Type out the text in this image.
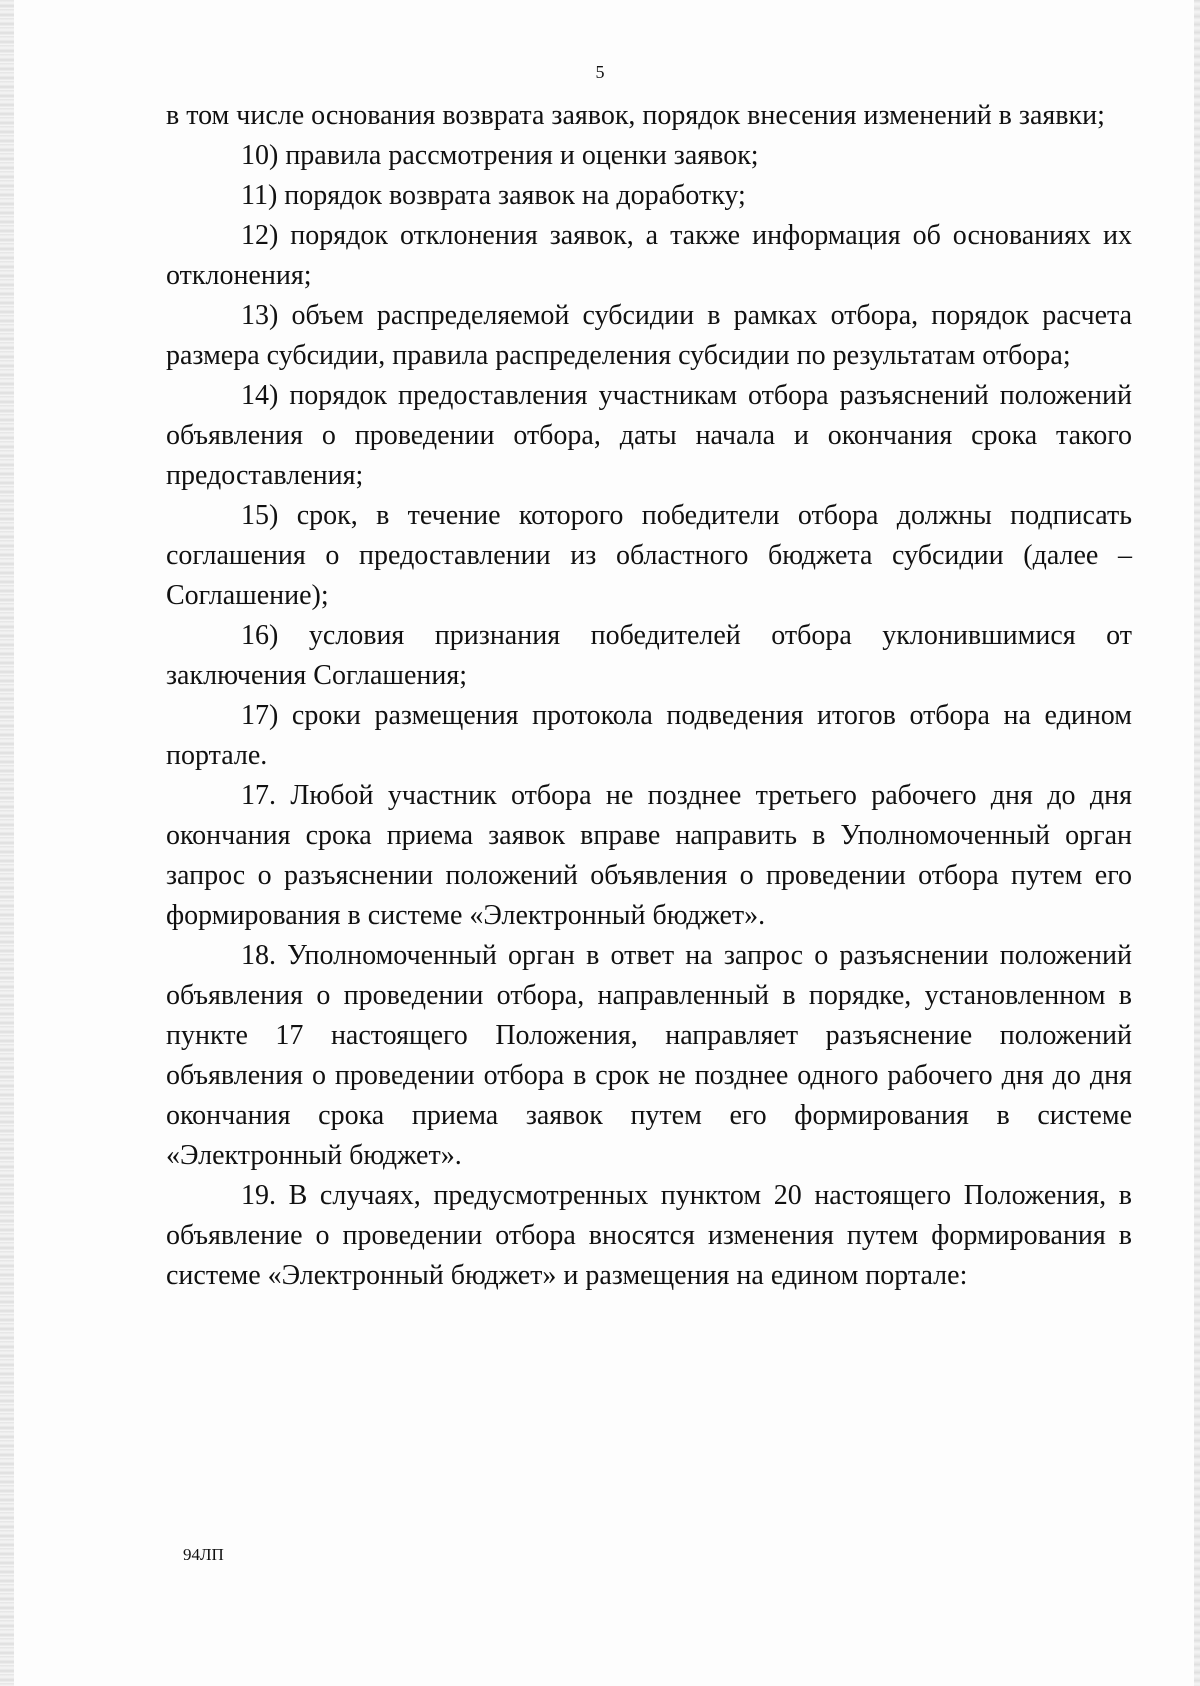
5

в том числе основания возврата заявок, порядок внесения изменений в заявки;

10) правила рассмотрения и оценки заявок;

11) порядок возврата заявок на доработку;

12) порядок отклонения заявок, а также информация об основаниях их отклонения;

13) объем распределяемой субсидии в рамках отбора, порядок расчета размера субсидии, правила распределения субсидии по результатам отбора;

14) порядок предоставления участникам отбора разъяснений положений объявления о проведении отбора, даты начала и окончания срока такого предоставления;

15) срок, в течение которого победители отбора должны подписать соглашения о предоставлении из областного бюджета субсидии (далее – Соглашение);

16) условия признания победителей отбора уклонившимися от заключения Соглашения;

17) сроки размещения протокола подведения итогов отбора на едином портале.

17. Любой участник отбора не позднее третьего рабочего дня до дня окончания срока приема заявок вправе направить в Уполномоченный орган запрос о разъяснении положений объявления о проведении отбора путем его формирования в системе «Электронный бюджет».

18. Уполномоченный орган в ответ на запрос о разъяснении положений объявления о проведении отбора, направленный в порядке, установленном в пункте 17 настоящего Положения, направляет разъяснение положений объявления о проведении отбора в срок не позднее одного рабочего дня до дня окончания срока приема заявок путем его формирования в системе «Электронный бюджет».

19. В случаях, предусмотренных пунктом 20 настоящего Положения, в объявление о проведении отбора вносятся изменения путем формирования в системе «Электронный бюджет» и размещения на едином портале:

94ЛП
